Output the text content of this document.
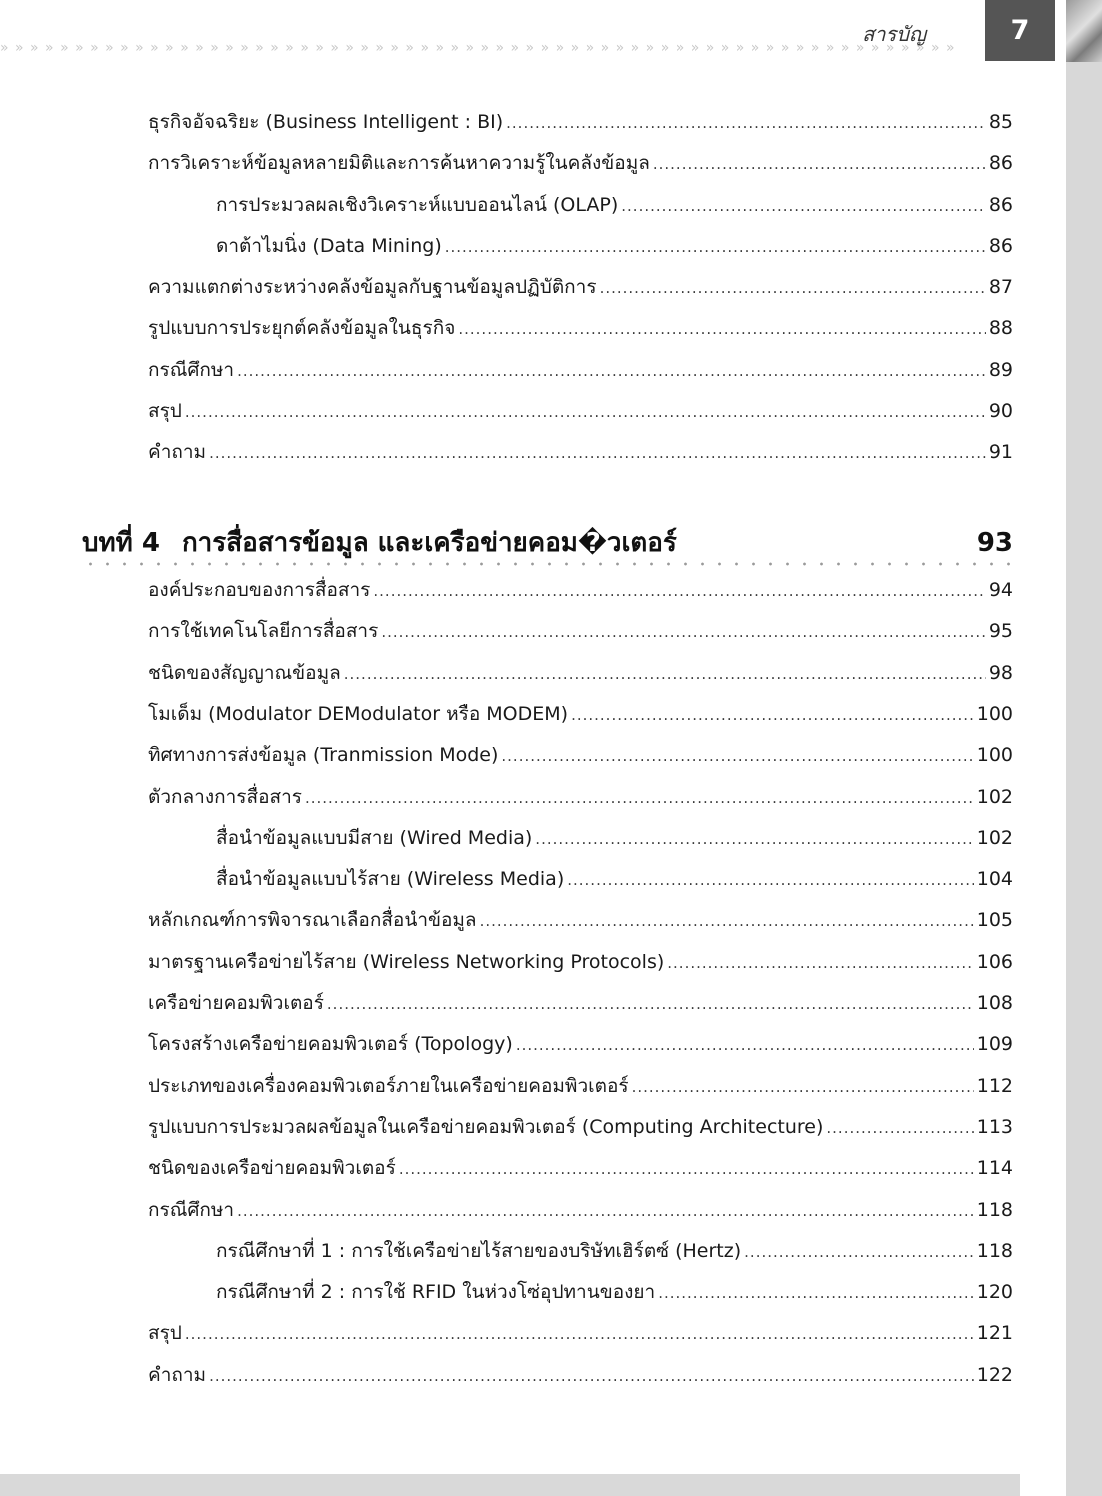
» » » » » » » » » » » » » » » » » » » » » » » » » » » » » » » » » » » » » » » » » » » » » » » » » » » » » » » » » » » » » » » »
สารบัญ	7
ธุรกิจอัจฉริยะ (Business Intelligent : BI) .....	85
การวิเคราะห์ข้อมูลหลายมิติและการค้นหาความรู้ในคลังข้อมูล .....	86
การประมวลผลเชิงวิเคราะห์แบบออนไลน์ (OLAP) .....	86
ดาต้าไมนิ่ง (Data Mining) .....	86
ความแตกต่างระหว่างคลังข้อมูลกับฐานข้อมูลปฏิบัติการ .....	87
รูปแบบการประยุกต์คลังข้อมูลในธุรกิจ .....	88
กรณีศึกษา .....	89
สรุป .....	90
คำถาม .....	91
บทที่ 4 การสื่อสารข้อมูล และเครือข่ายคอม�วเตอร์	93
องค์ประกอบของการสื่อสาร .....	94
การใช้เทคโนโลยีการสื่อสาร .....	95
ชนิดของสัญญาณข้อมูล .....	98
โมเด็ม (Modulator DEModulator หรือ MODEM) .....	100
ทิศทางการส่งข้อมูล (Tranmission Mode) .....	100
ตัวกลางการสื่อสาร .....	102
สื่อนำข้อมูลแบบมีสาย (Wired Media) .....	102
สื่อนำข้อมูลแบบไร้สาย (Wireless Media) .....	104
หลักเกณฑ์การพิจารณาเลือกสื่อนำข้อมูล .....	105
มาตรฐานเครือข่ายไร้สาย (Wireless Networking Protocols) .....	106
เครือข่ายคอมพิวเตอร์ .....	108
โครงสร้างเครือข่ายคอมพิวเตอร์ (Topology) .....	109
ประเภทของเครื่องคอมพิวเตอร์ภายในเครือข่ายคอมพิวเตอร์ .....	112
รูปแบบการประมวลผลข้อมูลในเครือข่ายคอมพิวเตอร์ (Computing Architecture) .....	113
ชนิดของเครือข่ายคอมพิวเตอร์ .....	114
กรณีศึกษา .....	118
กรณีศึกษาที่ 1 : การใช้เครือข่ายไร้สายของบริษัทเฮิร์ตซ์ (Hertz) .....	118
กรณีศึกษาที่ 2 : การใช้ RFID ในห่วงโซ่อุปทานของยา .....	120
สรุป .....	121
คำถาม .....	122
